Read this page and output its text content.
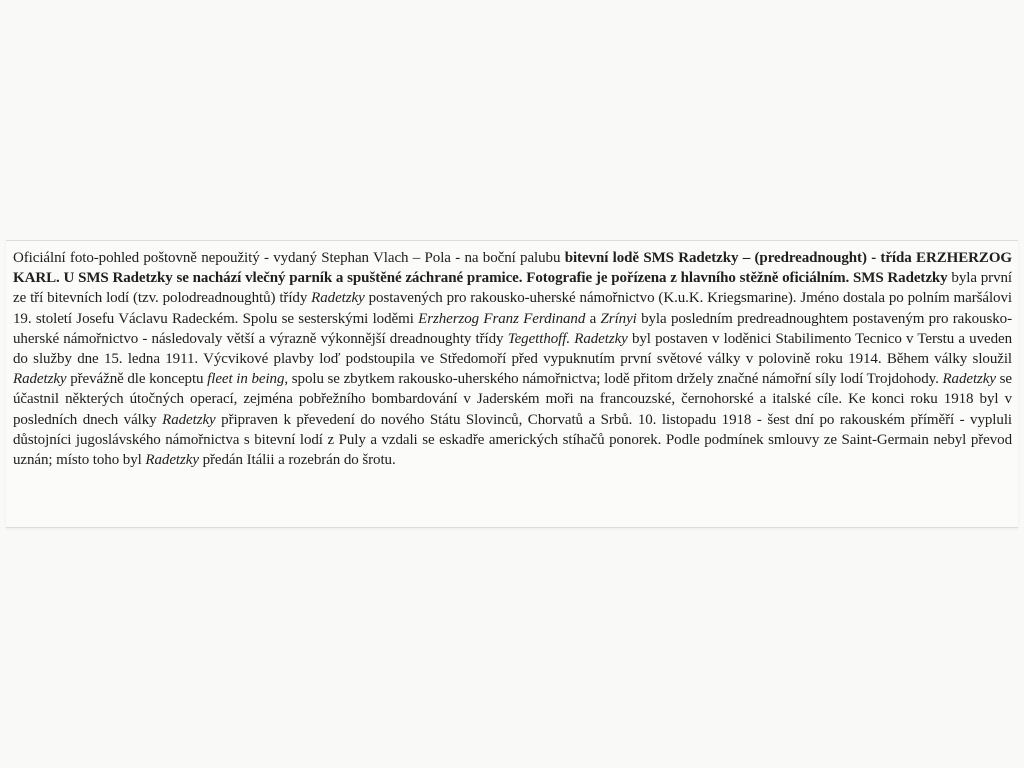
Oficiální foto-pohled poštovně nepoužitý - vydaný Stephan Vlach – Pola - na boční palubu bitevní lodě SMS Radetzky – (predreadnought) - třída ERZHERZOG KARL. U SMS Radetzky se nachází vlečný parník a spuštěné záchrané pramice. Fotografie je pořízena z hlavního stěžně oficiálním. SMS Radetzky byla první ze tří bitevních lodí (tzv. polodreadnoughtů) třídy Radetzky postavených pro rakousko-uherské námořnictvo (K.u.K. Kriegsmarine). Jméno dostala po polním maršálovi 19. století Josefu Václavu Radeckém. Spolu se sesterskými loděmi Erzherzog Franz Ferdinand a Zrínyi byla posledním predreadnoughtem postaveným pro rakousko-uherské námořnictvo - následovaly větší a výrazně výkonnější dreadnoughty třídy Tegetthoff. Radetzky byl postaven v loděnici Stabilimento Tecnico v Terstu a uveden do služby dne 15. ledna 1911. Výcvikové plavby loď podstoupila ve Středomoří před vypuknutím první světové války v polovině roku 1914. Během války sloužil Radetzky převážně dle konceptu fleet in being, spolu se zbytkem rakousko-uherského námořnictva; lodě přitom držely značné námořní síly lodí Trojdohody. Radetzky se účastnil některých útočných operací, zejména pobřežního bombardování v Jaderském moři na francouzské, černohorské a italské cíle. Ke konci roku 1918 byl v posledních dnech války Radetzky připraven k převedení do nového Státu Slovinců, Chorvatů a Srbů. 10. listopadu 1918 - šest dní po rakouském příměří - vypluli důstojníci jugoslávského námořnictva s bitevní lodí z Puly a vzdali se eskadře amerických stíhačů ponorek. Podle podmínek smlouvy ze Saint-Germain nebyl převod uznán; místo toho byl Radetzky předán Itálii a rozebrán do šrotu.
